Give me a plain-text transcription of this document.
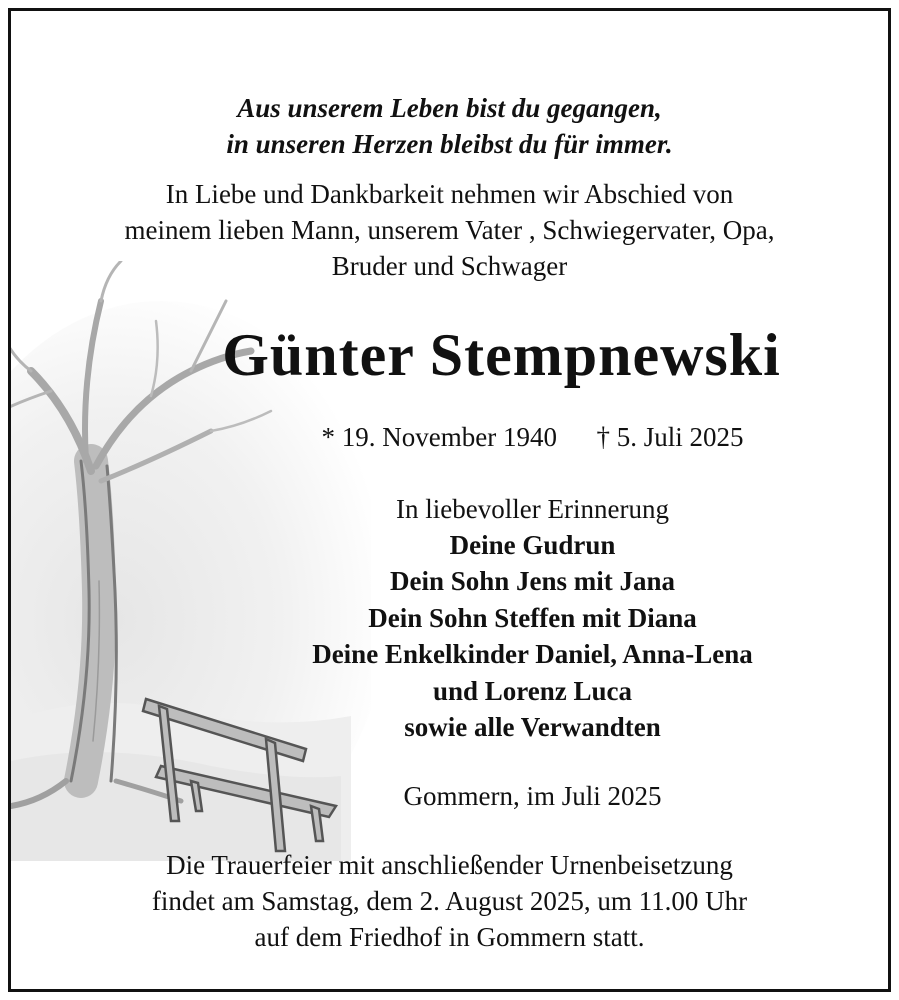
Aus unserem Leben bist du gegangen,

in unseren Herzen bleibst du für immer.

In Liebe und Dankbarkeit nehmen wir Abschied von

meinem lieben Mann, unserem Vater , Schwiegervater, Opa,

Bruder und Schwager

Günter Stempnewski

* 19. November 1940 † 5. Juli 2025

In liebevoller Erinnerung

Deine Gudrun

Dein Sohn Jens mit Jana

Dein Sohn Steffen mit Diana

Deine Enkelkinder Daniel, Anna-Lena

und Lorenz Luca

sowie alle Verwandten

Gommern, im Juli 2025

Die Trauerfeier mit anschließender Urnenbeisetzung

findet am Samstag, dem 2. August 2025, um 11.00 Uhr

auf dem Friedhof in Gommern statt.
